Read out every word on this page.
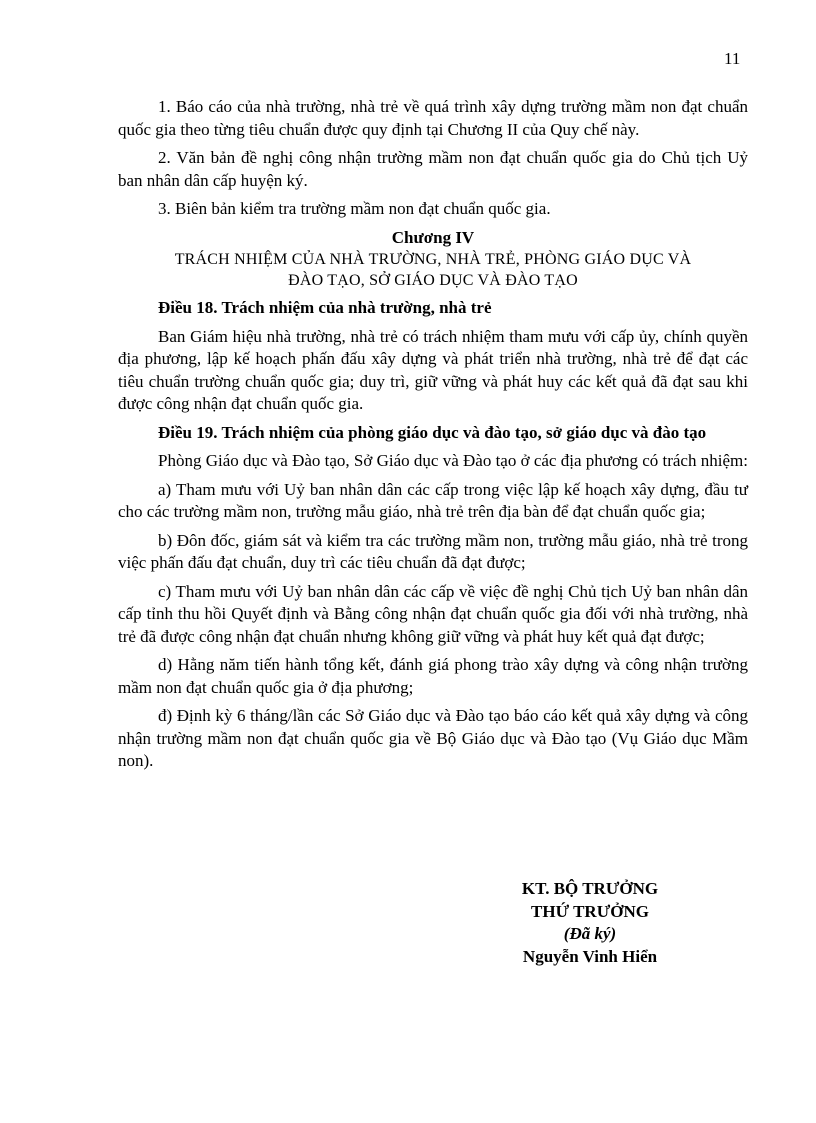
11

1. Báo cáo của nhà trường, nhà trẻ về quá trình xây dựng trường mầm non đạt chuẩn quốc gia theo từng tiêu chuẩn được quy định tại Chương II của Quy chế này.

2. Văn bản đề nghị công nhận trường mầm non đạt chuẩn quốc gia do Chủ tịch Uỷ ban nhân dân cấp huyện ký.

3. Biên bản kiểm tra trường mầm non đạt chuẩn quốc gia.

Chương IV

TRÁCH NHIỆM CỦA NHÀ TRƯỜNG, NHÀ TRẺ, PHÒNG GIÁO DỤC VÀ
ĐÀO TẠO, SỞ GIÁO DỤC VÀ ĐÀO TẠO

Điều 18. Trách nhiệm của nhà trường, nhà trẻ

Ban Giám hiệu nhà trường, nhà trẻ có trách nhiệm tham mưu với cấp ủy, chính quyền địa phương, lập kế hoạch phấn đấu xây dựng và phát triển nhà trường, nhà trẻ để đạt các tiêu chuẩn trường chuẩn quốc gia; duy trì, giữ vững và phát huy các kết quả đã đạt sau khi được công nhận đạt chuẩn quốc gia.

Điều 19. Trách nhiệm của phòng giáo dục và đào tạo, sở giáo dục và đào tạo

Phòng Giáo dục và Đào tạo, Sở Giáo dục và Đào tạo ở các địa phương có trách nhiệm:

a) Tham mưu với Uỷ ban nhân dân các cấp trong việc lập kế hoạch xây dựng, đầu tư cho các trường mầm non, trường mẫu giáo, nhà trẻ trên địa bàn để đạt chuẩn quốc gia;

b) Đôn đốc, giám sát và kiểm tra các trường mầm non, trường mẫu giáo, nhà trẻ trong việc phấn đấu đạt chuẩn, duy trì các tiêu chuẩn đã đạt được;

c) Tham mưu với Uỷ ban nhân dân các cấp về việc đề nghị Chủ tịch Uỷ ban nhân dân cấp tỉnh thu hồi Quyết định và Bằng công nhận đạt chuẩn quốc gia đối với nhà trường, nhà trẻ đã được công nhận đạt chuẩn nhưng không giữ vững và phát huy kết quả đạt được;

d) Hằng năm tiến hành tổng kết, đánh giá phong trào xây dựng và công nhận trường mầm non đạt chuẩn quốc gia ở địa phương;

đ) Định kỳ 6 tháng/lần các Sở Giáo dục và Đào tạo báo cáo kết quả xây dựng và công nhận trường mầm non đạt chuẩn quốc gia về Bộ Giáo dục và Đào tạo (Vụ Giáo dục Mầm non).

KT. BỘ TRƯỞNG
THỨ TRƯỞNG
(Đã ký)
Nguyễn Vinh Hiển
